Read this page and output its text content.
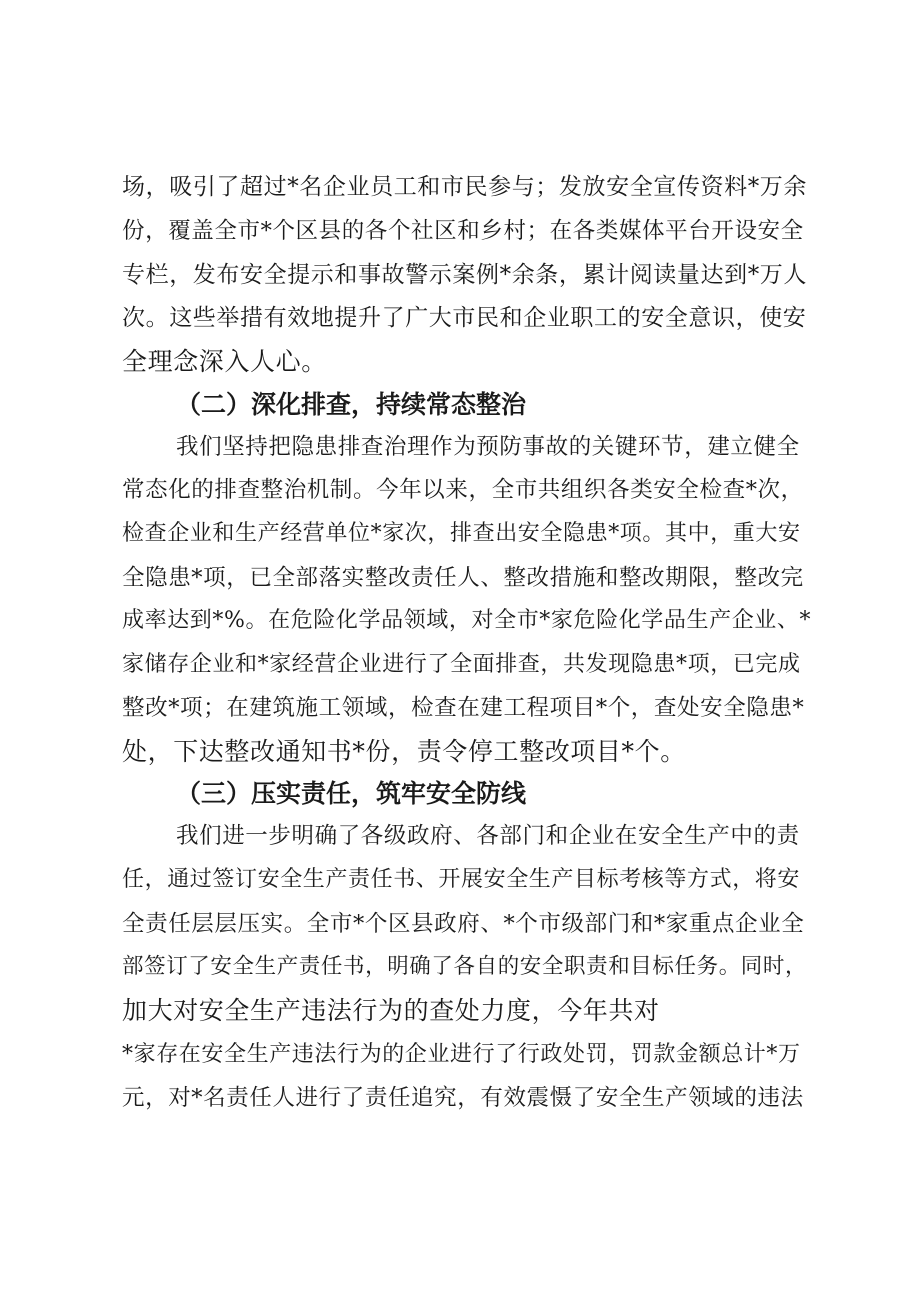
场，吸引了超过*名企业员工和市民参与；发放安全宣传资料*万余
份，覆盖全市*个区县的各个社区和乡村；在各类媒体平台开设安全
专栏，发布安全提示和事故警示案例*余条，累计阅读量达到*万人
次。这些举措有效地提升了广大市民和企业职工的安全意识，使安
全理念深入人心。
（二）深化排查，持续常态整治
我们坚持把隐患排查治理作为预防事故的关键环节，建立健全
常态化的排查整治机制。今年以来，全市共组织各类安全检查*次，
检查企业和生产经营单位*家次，排查出安全隐患*项。其中，重大安
全隐患*项，已全部落实整改责任人、整改措施和整改期限，整改完
成率达到*%。在危险化学品领域，对全市*家危险化学品生产企业、*
家储存企业和*家经营企业进行了全面排查，共发现隐患*项，已完成
整改*项；在建筑施工领域，检查在建工程项目*个，查处安全隐患*
处，下达整改通知书*份，责令停工整改项目*个。
（三）压实责任，筑牢安全防线
我们进一步明确了各级政府、各部门和企业在安全生产中的责
任，通过签订安全生产责任书、开展安全生产目标考核等方式，将安
全责任层层压实。全市*个区县政府、*个市级部门和*家重点企业全
部签订了安全生产责任书，明确了各自的安全职责和目标任务。同时，
加大对安全生产违法行为的查处力度，今年共对
*家存在安全生产违法行为的企业进行了行政处罚，罚款金额总计*万
元，对*名责任人进行了责任追究，有效震慑了安全生产领域的违法
